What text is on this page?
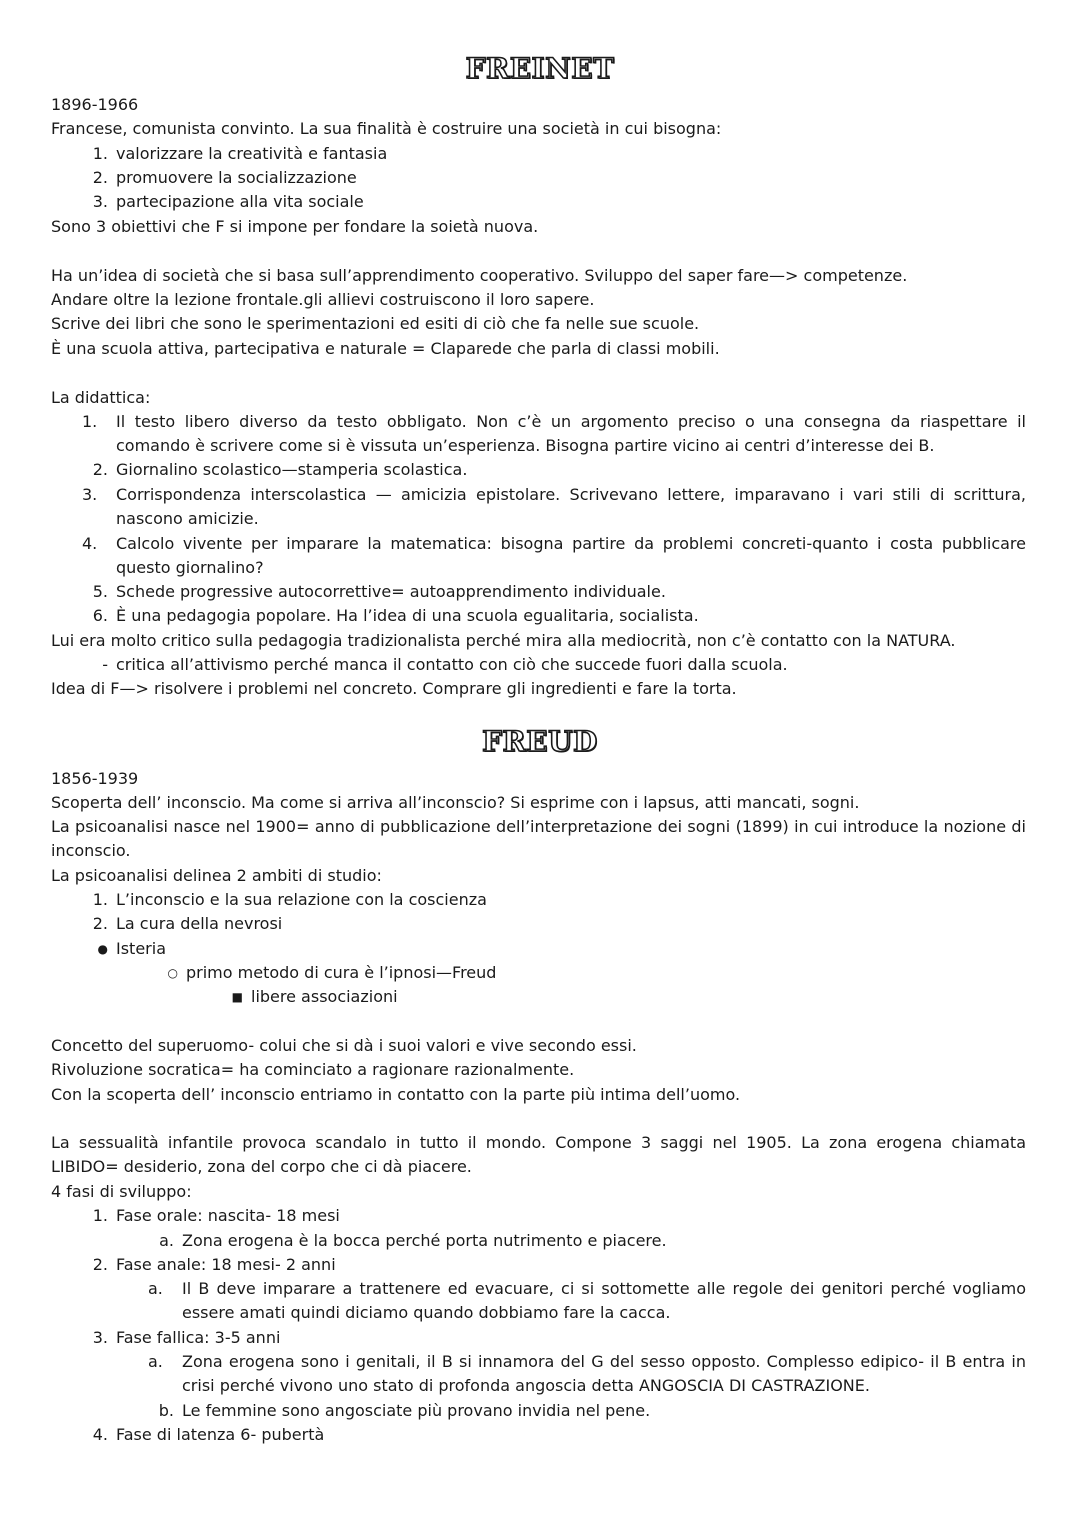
FREINET
1896-1966
Francese, comunista convinto. La sua finalità è costruire una società in cui bisogna:
1. valorizzare la creatività e fantasia
2. promuovere la socializzazione
3. partecipazione alla vita sociale
Sono 3 obiettivi che F si impone per fondare la soietà nuova.
Ha un’idea di società che si basa sull’apprendimento cooperativo. Sviluppo del saper fare—> competenze.
Andare oltre la lezione frontale.gli allievi costruiscono il loro sapere.
Scrive dei libri che sono le sperimentazioni ed esiti di ciò che fa nelle sue scuole.
È una scuola attiva, partecipativa e naturale = Claparede che parla di classi mobili.
La didattica:
1.	Il testo libero diverso da testo obbligato. Non c’è un argomento preciso o una consegna da riaspettare il comando è scrivere come si è vissuta un’esperienza. Bisogna partire vicino ai centri d’interesse dei B.
2. Giornalino scolastico—stamperia scolastica.
3.	Corrispondenza interscolastica — amicizia epistolare. Scrivevano lettere, imparavano i vari stili di scrittura, nascono amicizie.
4.	Calcolo vivente per imparare la matematica: bisogna partire da problemi concreti-quanto i costa pubblicare questo giornalino?
5. Schede progressive autocorrettive= autoapprendimento individuale.
6. È una pedagogia popolare. Ha l’idea di una scuola egualitaria, socialista.
Lui era molto critico sulla pedagogia tradizionalista perché mira alla mediocrità, non c’è contatto con la NATURA.
- critica all’attivismo perché manca il contatto con ciò che succede fuori dalla scuola.
Idea di F—> risolvere i problemi nel concreto. Comprare gli ingredienti e fare la torta.
FREUD
1856-1939
Scoperta dell’ inconscio. Ma come si arriva all’inconscio? Si esprime con i lapsus, atti mancati, sogni.
La psicoanalisi nasce nel 1900= anno di pubblicazione dell’interpretazione dei sogni (1899) in cui introduce la nozione di inconscio.
La psicoanalisi delinea 2 ambiti di studio:
1. L’inconscio e la sua relazione con la coscienza
2. La cura della nevrosi
● Isteria
○ primo metodo di cura è l’ipnosi—Freud
■ libere associazioni
Concetto del superuomo- colui che si dà i suoi valori e vive secondo essi.
Rivoluzione socratica= ha cominciato a ragionare razionalmente.
Con la scoperta dell’ inconscio entriamo in contatto con la parte più intima dell’uomo.
La sessualità infantile provoca scandalo in tutto il mondo. Compone 3 saggi nel 1905. La zona erogena chiamata LIBIDO= desiderio, zona del corpo che ci dà piacere.
4 fasi di sviluppo:
1. Fase orale: nascita- 18 mesi
a. Zona erogena è la bocca perché porta nutrimento e piacere.
2. Fase anale: 18 mesi- 2 anni
a.	Il B deve imparare a trattenere ed evacuare, ci si sottomette alle regole dei genitori perché vogliamo essere amati quindi diciamo quando dobbiamo fare la cacca.
3. Fase fallica: 3-5 anni
a.	Zona erogena sono i genitali, il B si innamora del G del sesso opposto. Complesso edipico- il B entra in crisi perché vivono uno stato di profonda angoscia detta ANGOSCIA DI CASTRAZIONE.
b. Le femmine sono angosciate più provano invidia nel pene.
4. Fase di latenza 6- pubertà
